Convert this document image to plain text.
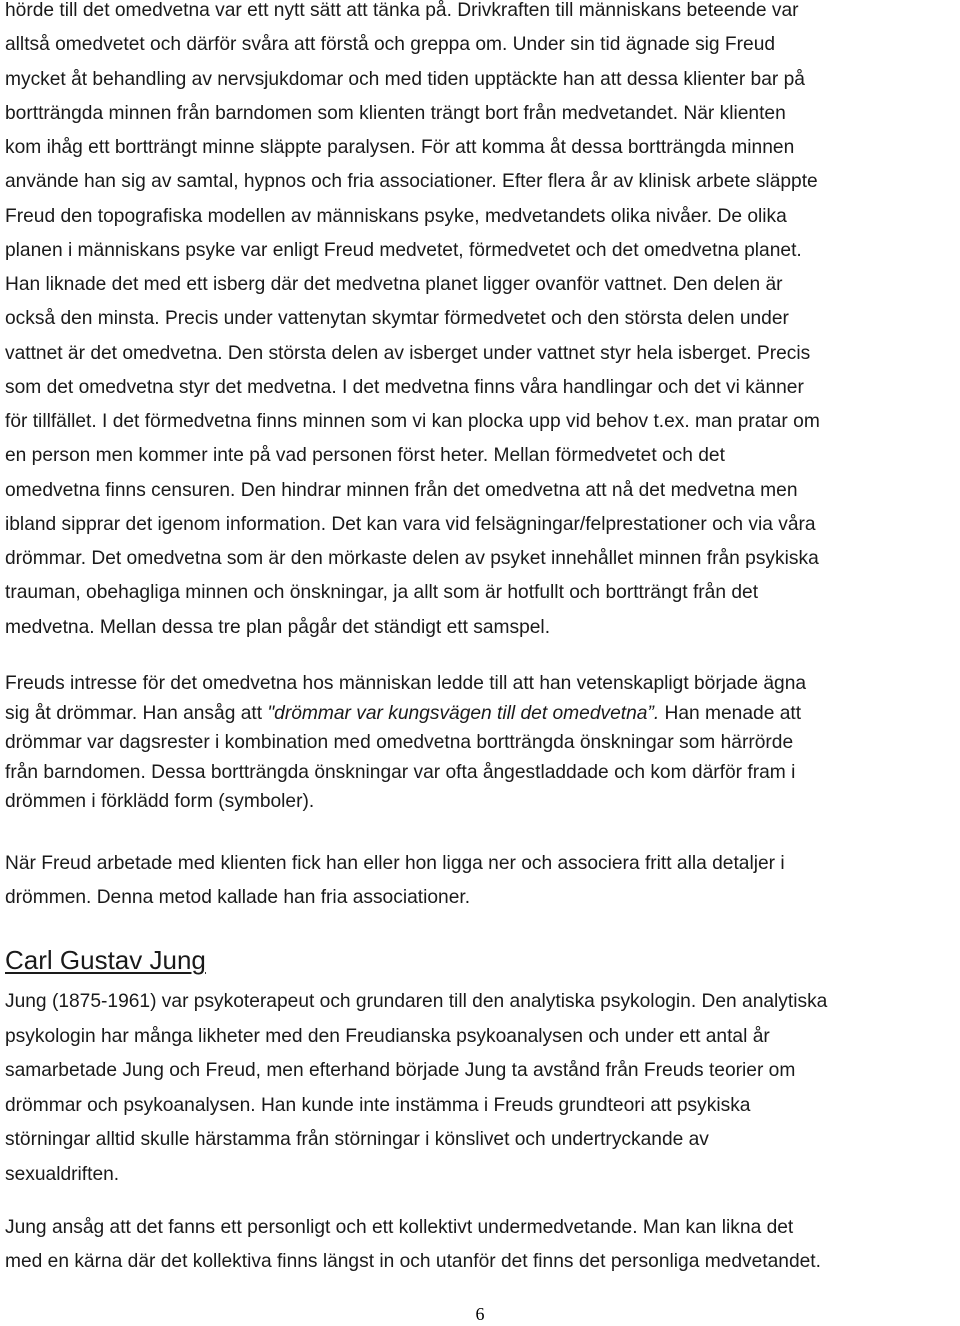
hörde till det omedvetna var ett nytt sätt att tänka på. Drivkraften till människans beteende var
alltså omedvetet och därför svåra att förstå och greppa om. Under sin tid ägnade sig Freud
mycket åt behandling av nervsjukdomar och med tiden upptäckte han att dessa klienter bar på
bortträngda minnen från barndomen som klienten trängt bort från medvetandet. När klienten
kom ihåg ett bortträngt minne släppte paralysen. För att komma åt dessa bortträngda minnen
använde han sig av samtal, hypnos och fria associationer. Efter flera år av klinisk arbete släppte
Freud den topografiska modellen av människans psyke, medvetandets olika nivåer. De olika
planen i människans psyke var enligt Freud medvetet, förmedvetet och det omedvetna planet.
Han liknade det med ett isberg där det medvetna planet ligger ovanför vattnet. Den delen är
också den minsta. Precis under vattenytan skymtar förmedvetet och den största delen under
vattnet är det omedvetna. Den största delen av isberget under vattnet styr hela isberget. Precis
som det omedvetna styr det medvetna. I det medvetna finns våra handlingar och det vi känner
för tillfället. I det förmedvetna finns minnen som vi kan plocka upp vid behov t.ex. man pratar om
en person men kommer inte på vad personen först heter. Mellan förmedvetet och det
omedvetna finns censuren. Den hindrar minnen från det omedvetna att nå det medvetna men
ibland sipprar det igenom information. Det kan vara vid felsägningar/felprestationer och via våra
drömmar. Det omedvetna som är den mörkaste delen av psyket innehållet minnen från psykiska
trauman, obehagliga minnen och önskningar, ja allt som är hotfullt och bortträngt från det
medvetna. Mellan dessa tre plan pågår det ständigt ett samspel.

Freuds intresse för det omedvetna hos människan ledde till att han vetenskapligt började ägna
sig åt drömmar. Han ansåg att "drömmar var kungsvägen till det omedvetna”. Han menade att
drömmar var dagsrester i kombination med omedvetna bortträngda önskningar som härrörde
från barndomen. Dessa bortträngda önskningar var ofta ångestladdade och kom därför fram i
drömmen i förklädd form (symboler).

När Freud arbetade med klienten fick han eller hon ligga ner och associera fritt alla detaljer i
drömmen. Denna metod kallade han fria associationer.

Carl Gustav Jung

Jung (1875-1961) var psykoterapeut och grundaren till den analytiska psykologin. Den analytiska
psykologin har många likheter med den Freudianska psykoanalysen och under ett antal år
samarbetade Jung och Freud, men efterhand började Jung ta avstånd från Freuds teorier om
drömmar och psykoanalysen. Han kunde inte instämma i Freuds grundteori att psykiska
störningar alltid skulle härstamma från störningar i könslivet och undertryckande av
sexualdriften.

Jung ansåg att det fanns ett personligt och ett kollektivt undermedvetande. Man kan likna det
med en kärna där det kollektiva finns längst in och utanför det finns det personliga medvetandet.

6
